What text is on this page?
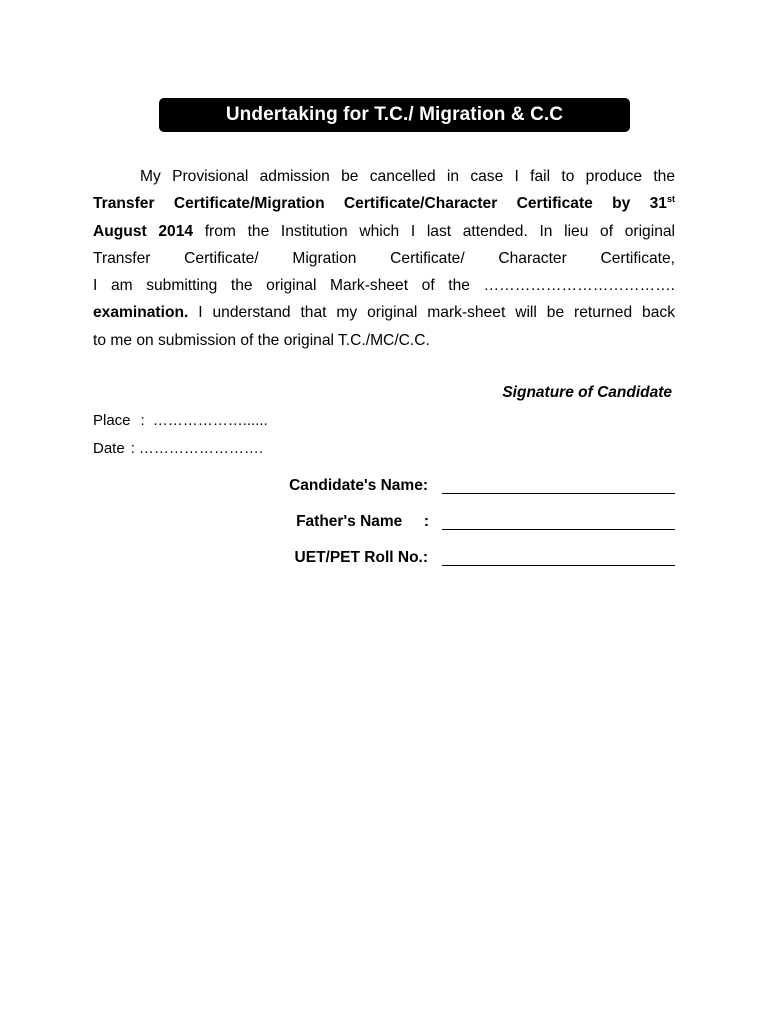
Undertaking for T.C./ Migration & C.C
My Provisional admission be cancelled in case I fail to produce the
Transfer Certificate/Migration Certificate/Character Certificate by 31st
August 2014 from the Institution which I last attended. In lieu of original
Transfer Certificate/ Migration Certificate/ Character Certificate,
I am submitting the original Mark-sheet of the ……………………………….
examination. I understand that my original mark-sheet will be returned back
to me on submission of the original T.C./MC/C.C.
Signature of Candidate
Place : ………………......
Date : …………………….
Candidate's Name:
Father's Name     :
UET/PET Roll No.:
